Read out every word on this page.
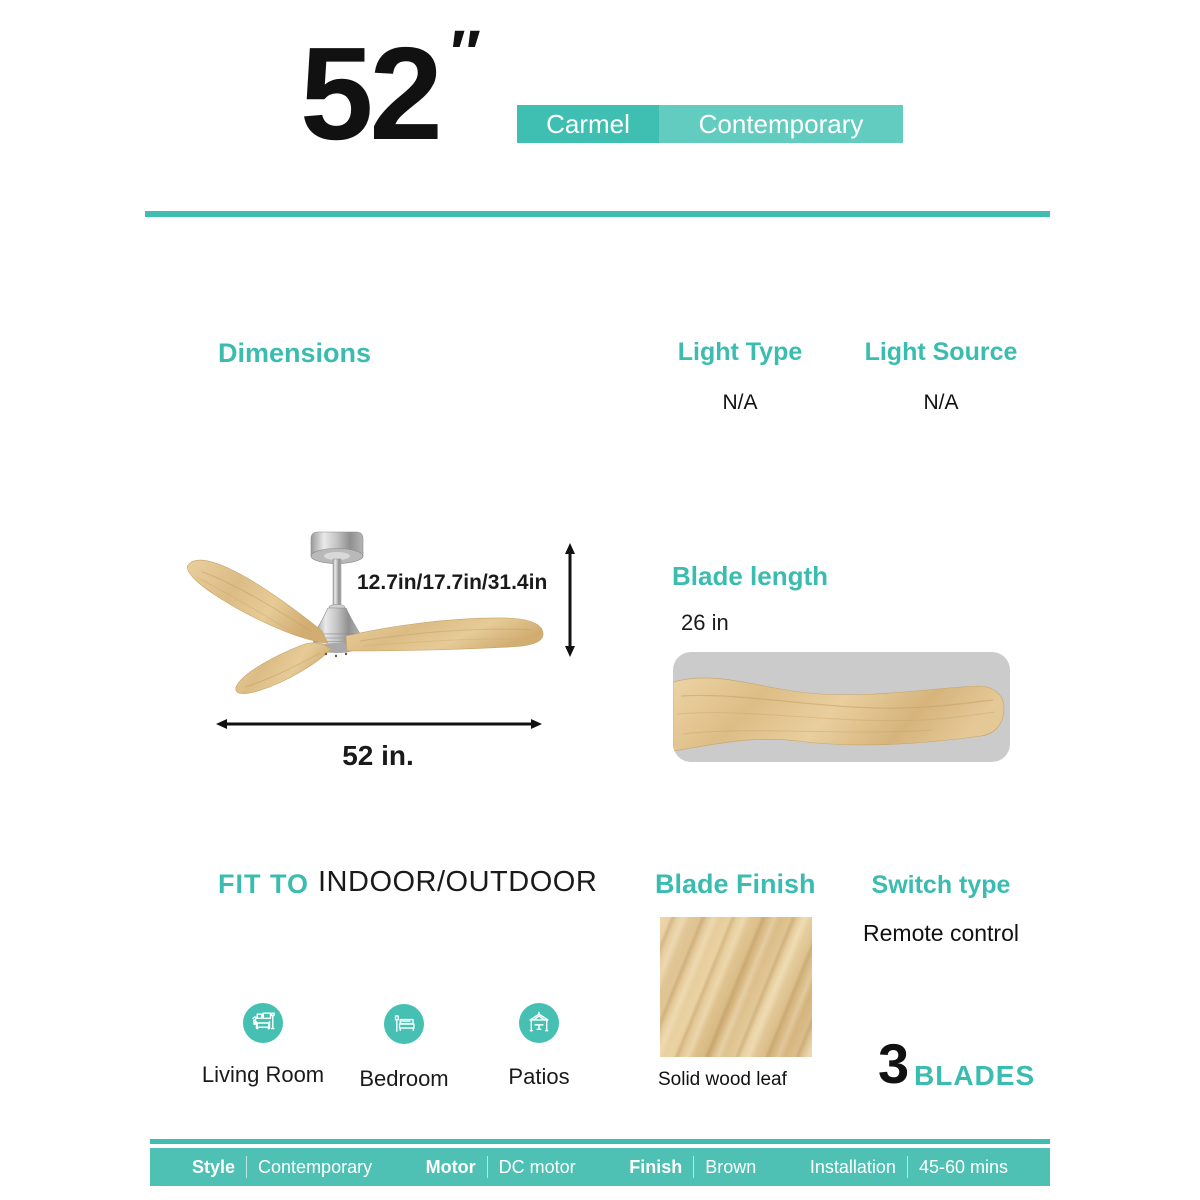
52 ″
Carmel	Contemporary
Dimensions	Light Type
N/A
Light Source
N/A
12.7in/17.7in/31.4in
52 in.
Blade length
26 in
FIT TO INDOOR/OUTDOOR
Living Room	Bedroom	Patios
Blade Finish
Solid wood leaf
Switch type
Remote control
3 BLADES
Style Contemporary	Motor DC motor	Finish Brown	Installation 45-60 mins
